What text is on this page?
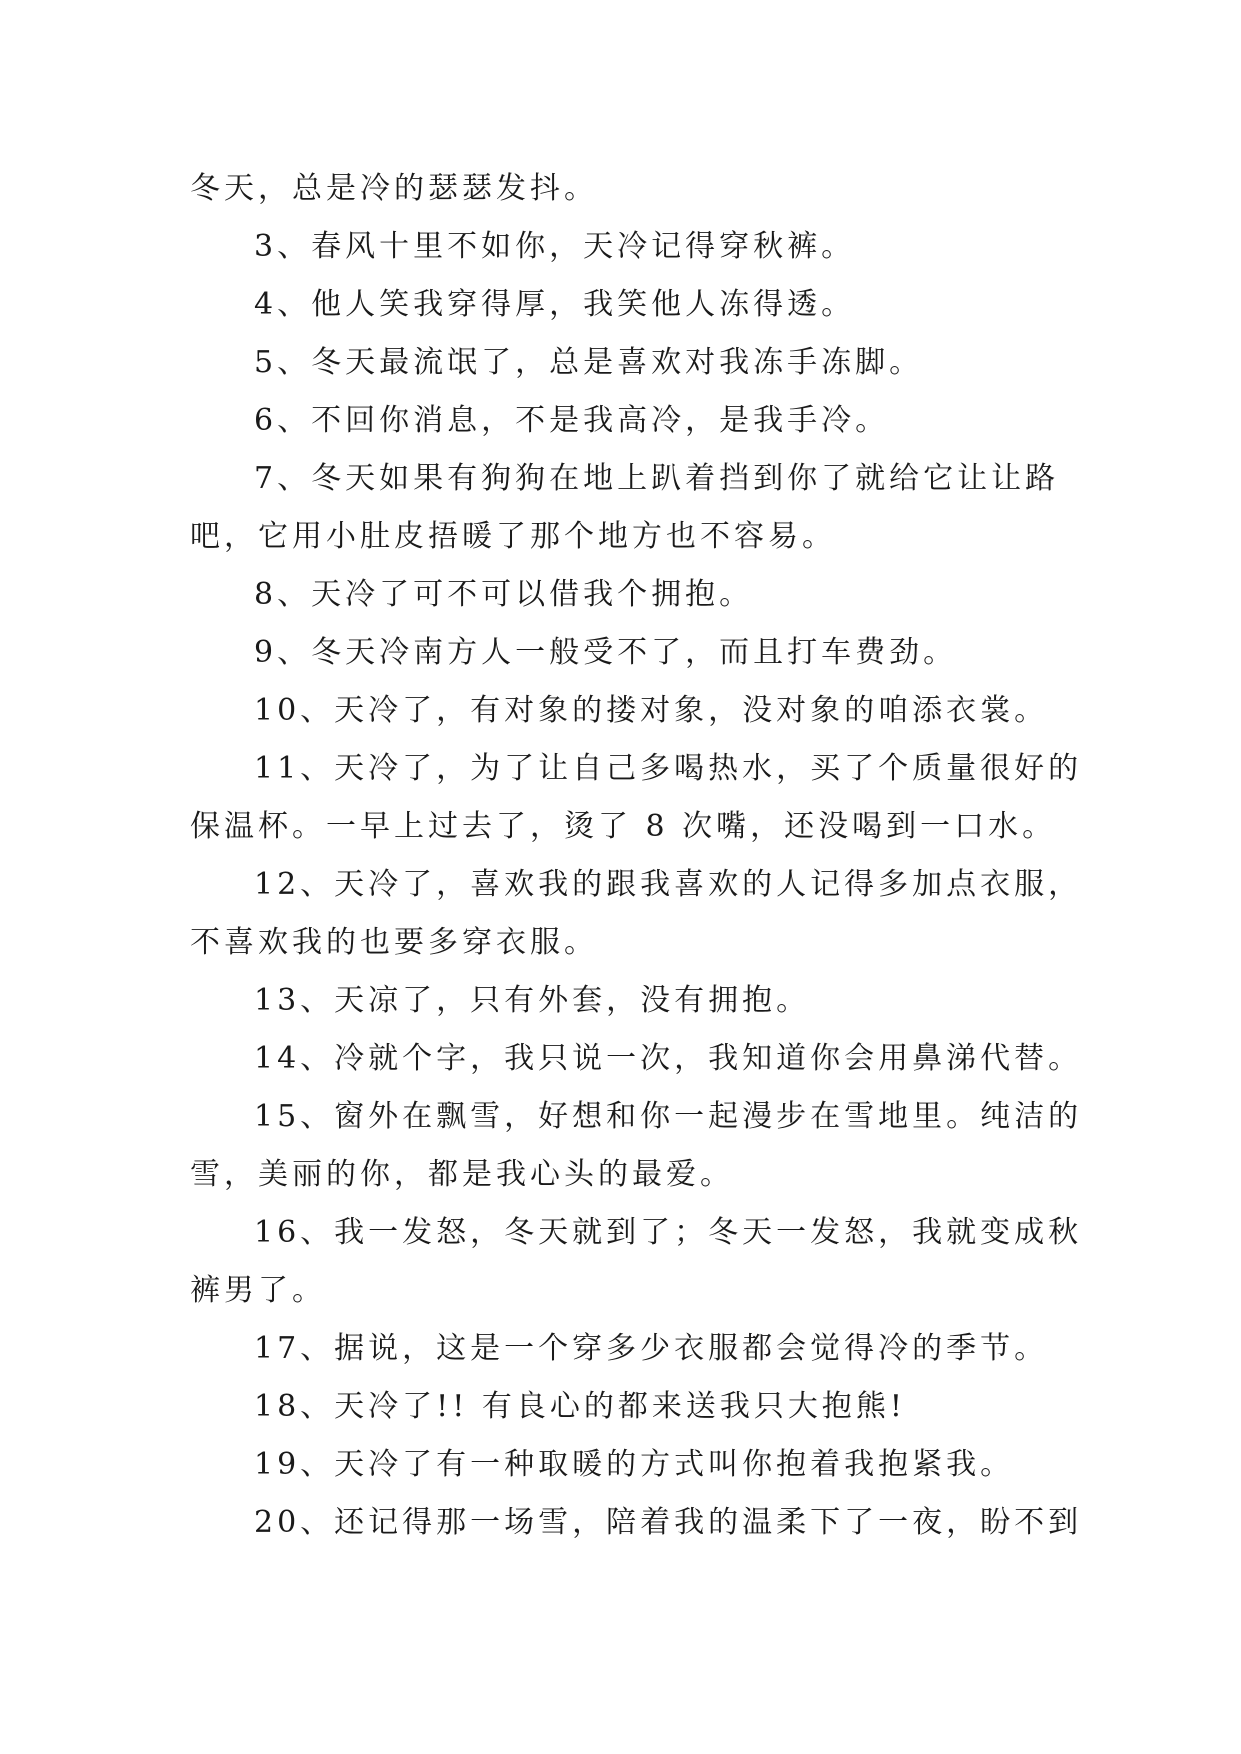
冬天，总是冷的瑟瑟发抖。
3、春风十里不如你，天冷记得穿秋裤。
4、他人笑我穿得厚，我笑他人冻得透。
5、冬天最流氓了，总是喜欢对我冻手冻脚。
6、不回你消息，不是我高冷，是我手冷。
7、冬天如果有狗狗在地上趴着挡到你了就给它让让路
吧，它用小肚皮捂暖了那个地方也不容易。
8、天冷了可不可以借我个拥抱。
9、冬天冷南方人一般受不了，而且打车费劲。
10、天冷了，有对象的搂对象，没对象的咱添衣裳。
11、天冷了，为了让自己多喝热水，买了个质量很好的
保温杯。一早上过去了，烫了 8 次嘴，还没喝到一口水。
12、天冷了，喜欢我的跟我喜欢的人记得多加点衣服，
不喜欢我的也要多穿衣服。
13、天凉了，只有外套，没有拥抱。
14、冷就个字，我只说一次，我知道你会用鼻涕代替。
15、窗外在飘雪，好想和你一起漫步在雪地里。纯洁的
雪，美丽的你，都是我心头的最爱。
16、我一发怒，冬天就到了；冬天一发怒，我就变成秋
裤男了。
17、据说，这是一个穿多少衣服都会觉得冷的季节。
18、天冷了!! 有良心的都来送我只大抱熊!
19、天冷了有一种取暖的方式叫你抱着我抱紧我。
20、还记得那一场雪，陪着我的温柔下了一夜，盼不到
